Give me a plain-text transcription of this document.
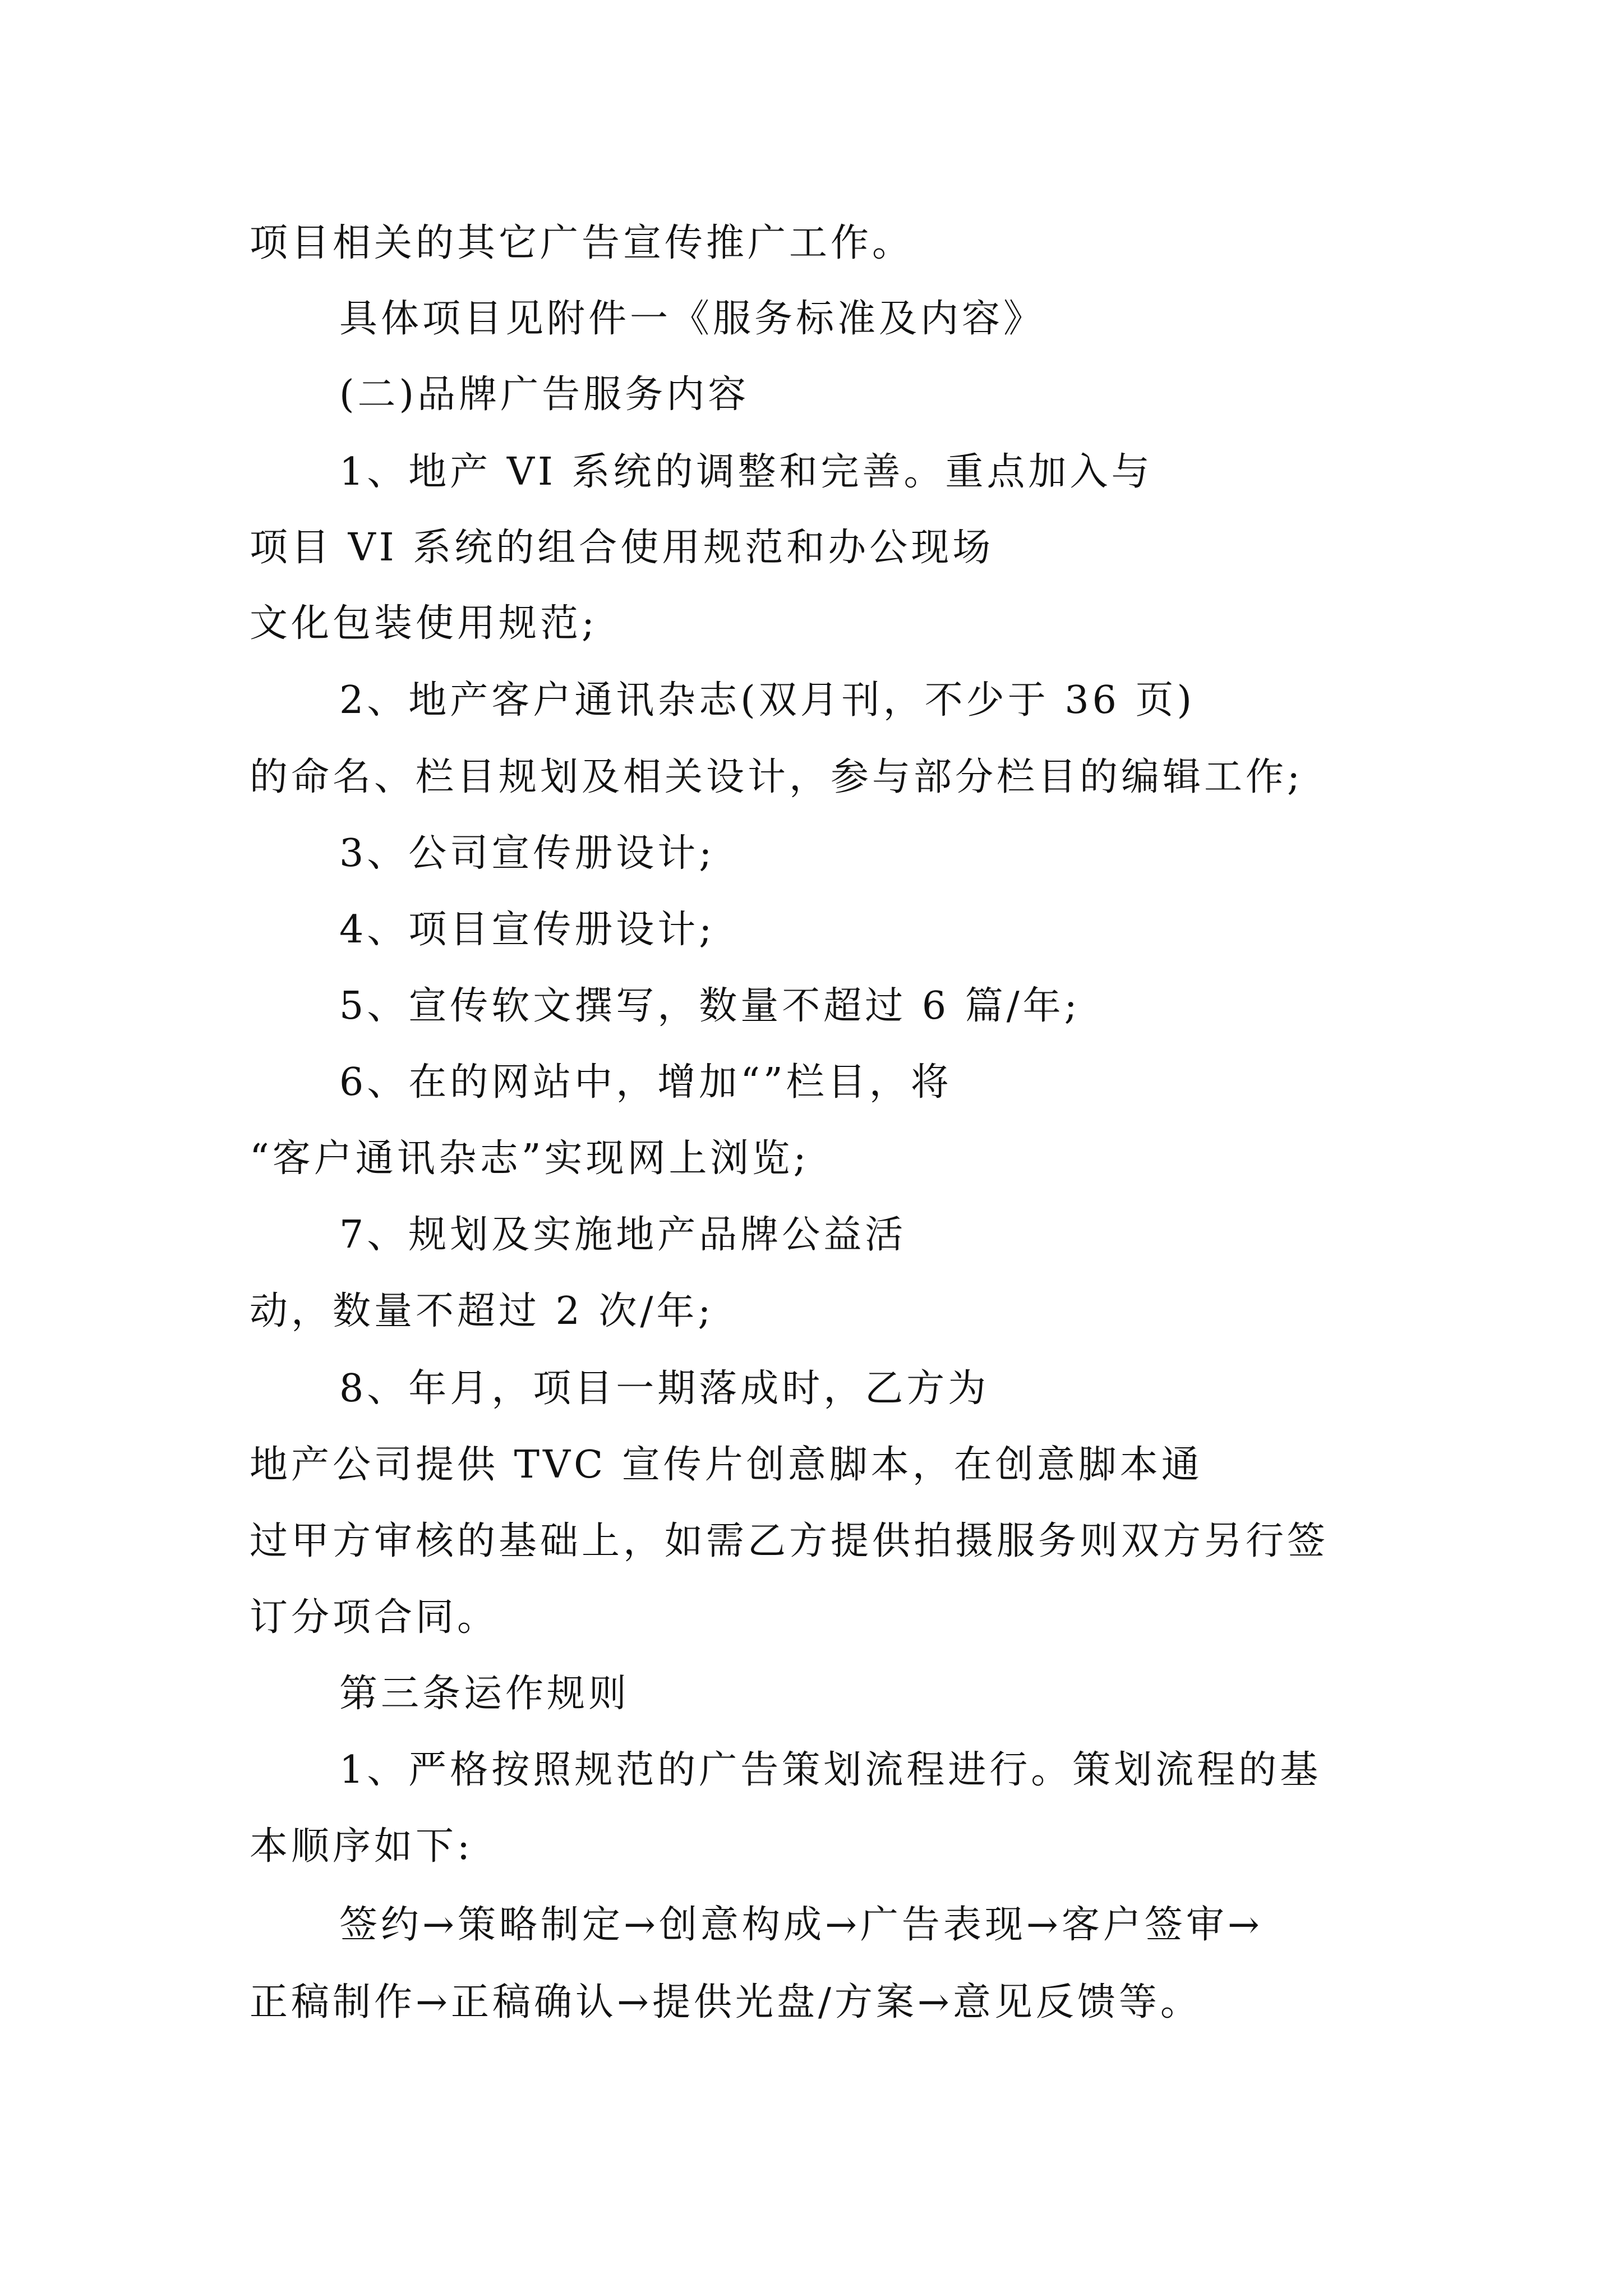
项目相关的其它广告宣传推广工作。
具体项目见附件一《服务标准及内容》
(二)品牌广告服务内容
1、地产 VI 系统的调整和完善。重点加入与
项目 VI 系统的组合使用规范和办公现场
文化包装使用规范;
2、地产客户通讯杂志(双月刊，不少于 36 页)
的命名、栏目规划及相关设计，参与部分栏目的编辑工作;
3、公司宣传册设计;
4、项目宣传册设计;
5、宣传软文撰写，数量不超过 6 篇/年;
6、在的网站中，增加“”栏目，将
“客户通讯杂志”实现网上浏览;
7、规划及实施地产品牌公益活
动，数量不超过 2 次/年;
8、年月，项目一期落成时，乙方为
地产公司提供 TVC 宣传片创意脚本，在创意脚本通
过甲方审核的基础上，如需乙方提供拍摄服务则双方另行签
订分项合同。
第三条运作规则
1、严格按照规范的广告策划流程进行。策划流程的基
本顺序如下:
签约→策略制定→创意构成→广告表现→客户签审→
正稿制作→正稿确认→提供光盘/方案→意见反馈等。
